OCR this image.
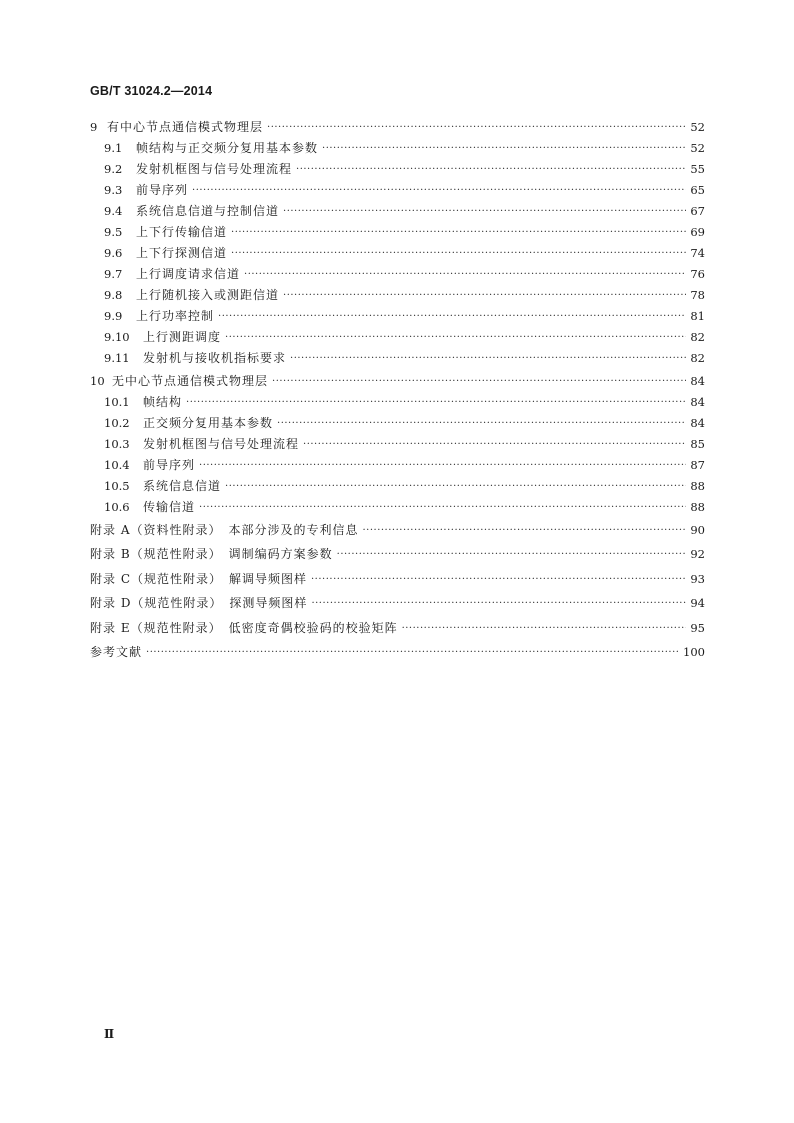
GB/T 31024.2—2014
9 有中心节点通信模式物理层 ·····	52
9.1	帧结构与正交频分复用基本参数 ·····	52
9.2	发射机框图与信号处理流程 ·····	55
9.3	前导序列 ·····	65
9.4	系统信息信道与控制信道 ·····	67
9.5	上下行传输信道 ·····	69
9.6	上下行探测信道 ·····	74
9.7	上行调度请求信道 ·····	76
9.8	上行随机接入或测距信道 ·····	78
9.9	上行功率控制 ·····	81
9.10	上行测距调度 ·····	82
9.11	发射机与接收机指标要求 ·····	82
10 无中心节点通信模式物理层 ·····	84
10.1	帧结构 ·····	84
10.2	正交频分复用基本参数 ·····	84
10.3	发射机框图与信号处理流程 ·····	85
10.4	前导序列 ·····	87
10.5	系统信息信道 ·····	88
10.6	传输信道 ·····	88
附录 A（资料性附录）　本部分涉及的专利信息 ·····	90
附录 B（规范性附录）　调制编码方案参数 ·····	92
附录 C（规范性附录）　解调导频图样 ·····	93
附录 D（规范性附录）　探测导频图样 ·····	94
附录 E（规范性附录）　低密度奇偶校验码的校验矩阵 ·····	95
参考文献 ·····	100
Ⅱ
